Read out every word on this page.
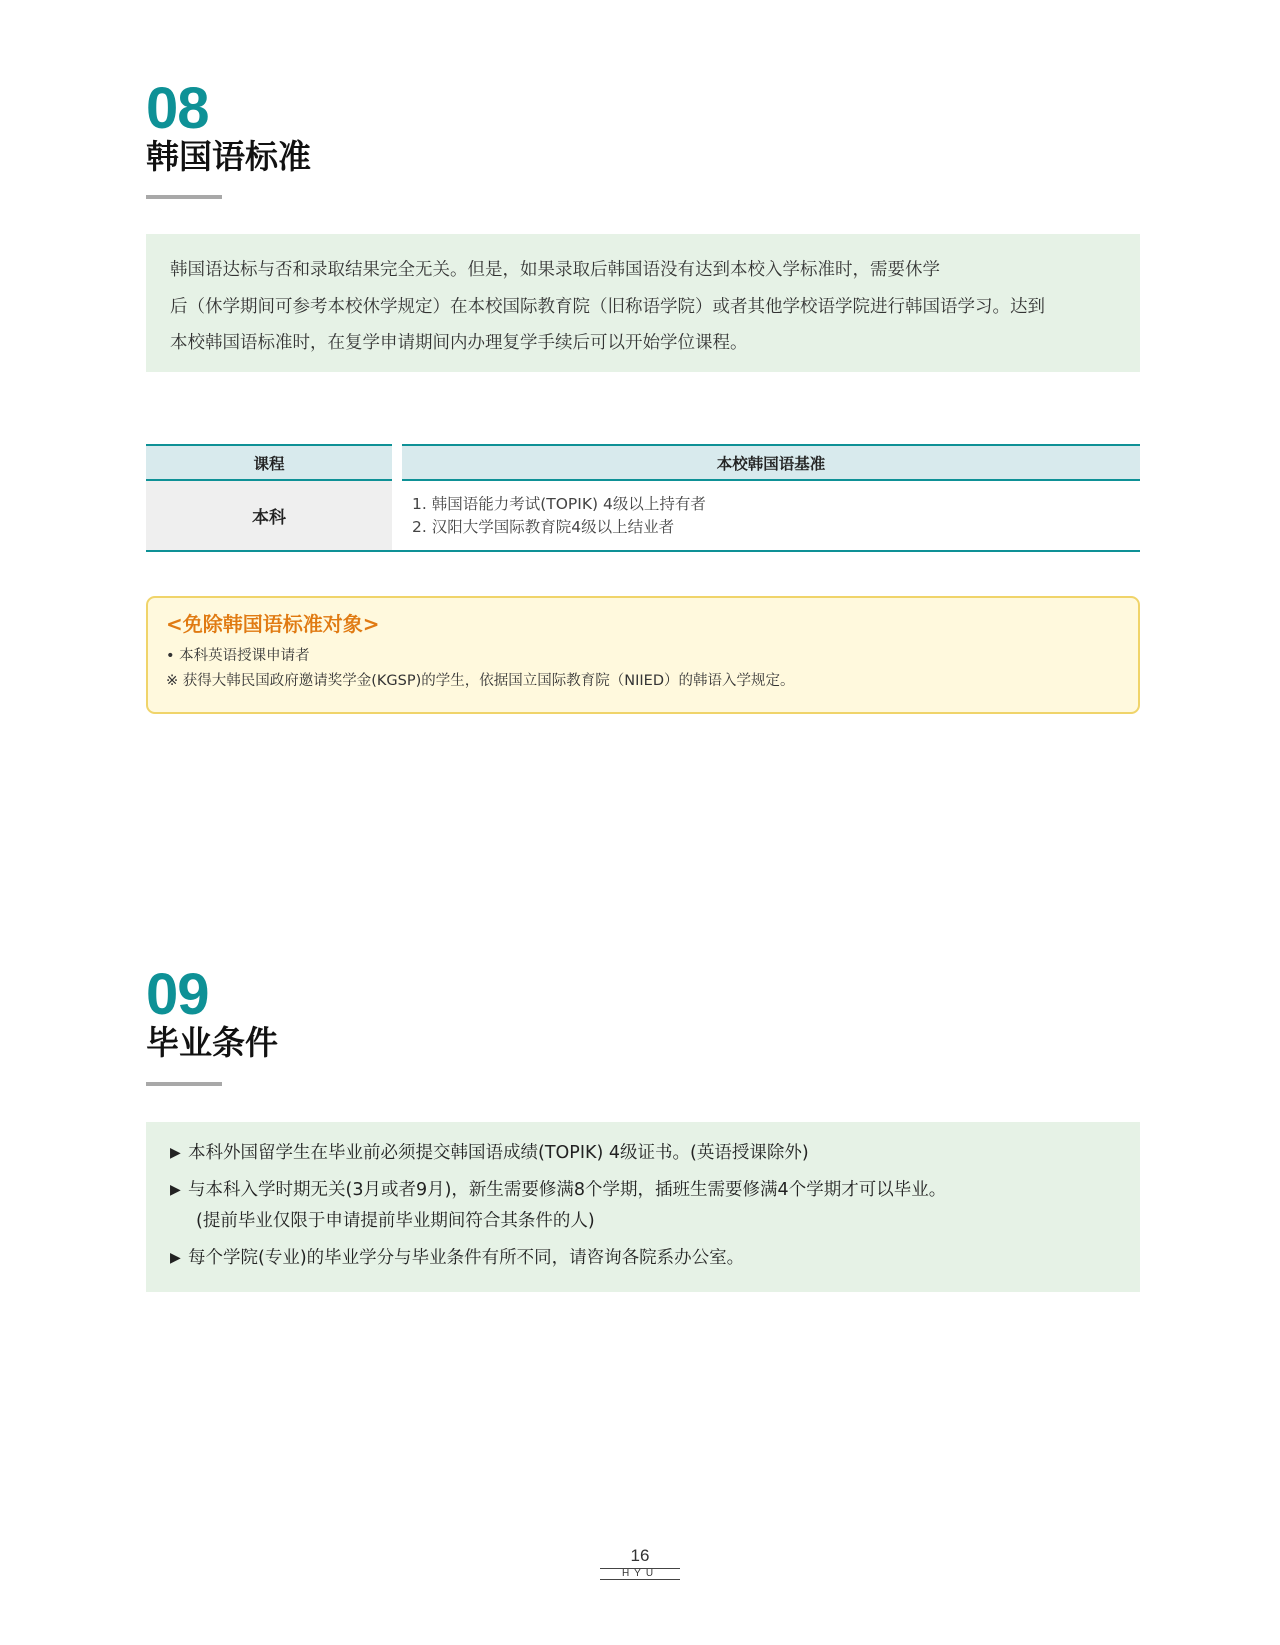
08
韩国语标准

韩国语达标与否和录取结果完全无关。但是，如果录取后韩国语没有达到本校入学标准时，需要休学

后（休学期间可参考本校休学规定）在本校国际教育院（旧称语学院）或者其他学校语学院进行韩国语学习。达到

本校韩国语标准时，在复学申请期间内办理复学手续后可以开始学位课程。

课程	本校韩国语基准
本科
1. 韩国语能力考试(TOPIK) 4级以上持有者
2. 汉阳大学国际教育院4级以上结业者
<免除韩国语标准对象>
• 本科英语授课申请者
※ 获得大韩民国政府邀请奖学金(KGSP)的学生，依据国立国际教育院（NIIED）的韩语入学规定。
09
毕业条件
▶ 本科外国留学生在毕业前必须提交韩国语成绩(TOPIK) 4级证书。(英语授课除外)
▶ 与本科入学时期无关(3月或者9月)，新生需要修满8个学期，插班生需要修满4个学期才可以毕业。
(提前毕业仅限于申请提前毕业期间符合其条件的人)
▶ 每个学院(专业)的毕业学分与毕业条件有所不同，请咨询各院系办公室。
16
HYU
